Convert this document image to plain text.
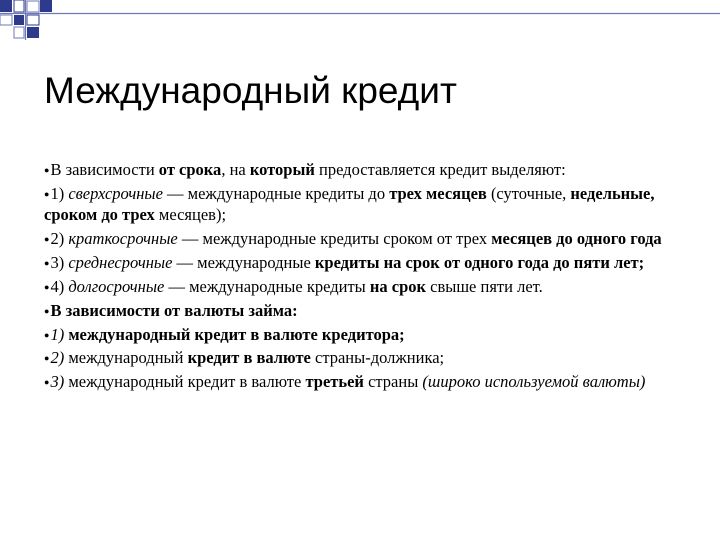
Международный кредит

●В зависимости от срока, на который предоставляется кредит выделяют:

●1) сверхсрочные — международные кредиты до трех месяцев (суточные, недельные, сроком до трех месяцев);

●2) краткосрочные — международные кредиты сроком от трех месяцев до одного года

●3) среднесрочные — международные кредиты на срок от одного года до пяти лет;

●4) долгосрочные — международные кредиты на срок свыше пяти лет.

●В зависимости от валюты займа:

●1) международный кредит в валюте кредитора;

●2) международный кредит в валюте страны-должника;

●3) международный кредит в валюте третьей страны (широко используемой валюты)
